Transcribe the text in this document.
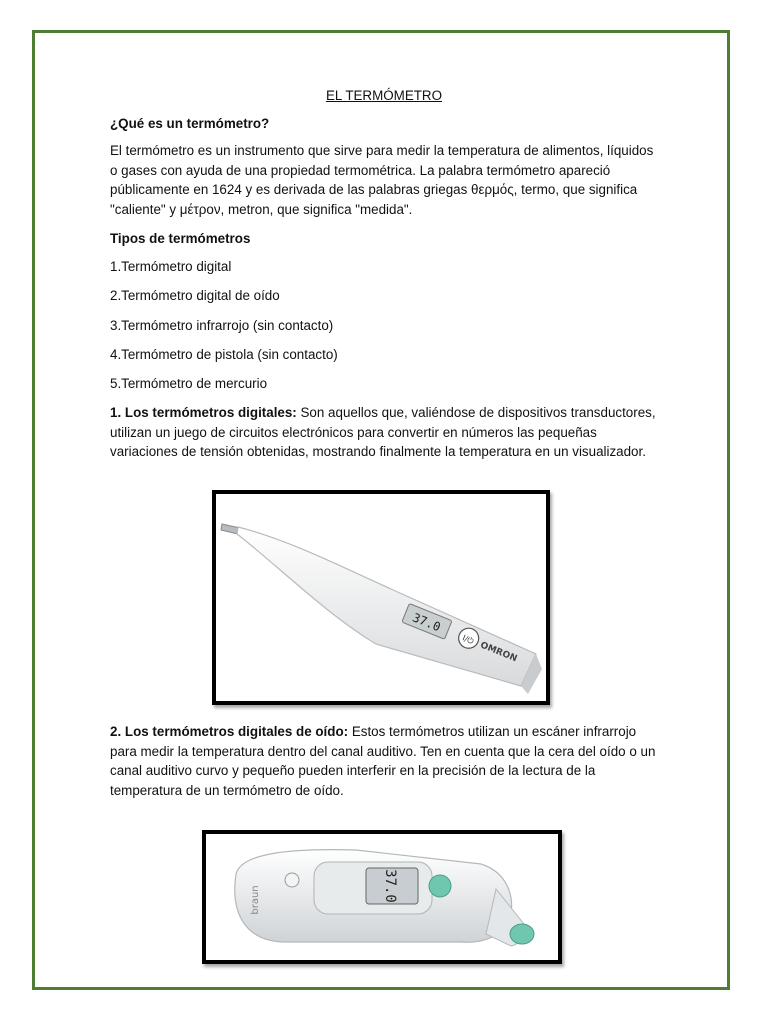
EL TERMÓMETRO

¿Qué es un termómetro?

El termómetro es un instrumento que sirve para medir la temperatura de alimentos, líquidos o gases con ayuda de una propiedad termométrica. La palabra termómetro apareció públicamente en 1624 y es derivada de las palabras griegas θερμός, termo, que significa "caliente" y μέτρον, metron, que significa "medida".

Tipos de termómetros

1.Termómetro digital

2.Termómetro digital de oído

3.Termómetro infrarrojo (sin contacto)

4.Termómetro de pistola (sin contacto)

5.Termómetro de mercurio

1. Los termómetros digitales: Son aquellos que, valiéndose de dispositivos transductores, utilizan un juego de circuitos electrónicos para convertir en números las pequeñas variaciones de tensión obtenidas, mostrando finalmente la temperatura en un visualizador.

2. Los termómetros digitales de oído: Estos termómetros utilizan un escáner infrarrojo para medir la temperatura dentro del canal auditivo. Ten en cuenta que la cera del oído o un canal auditivo curvo y pequeño pueden interferir en la precisión de la lectura de la temperatura de un termómetro de oído.

37.0
I/⏻
OMRON
braun	37.0
